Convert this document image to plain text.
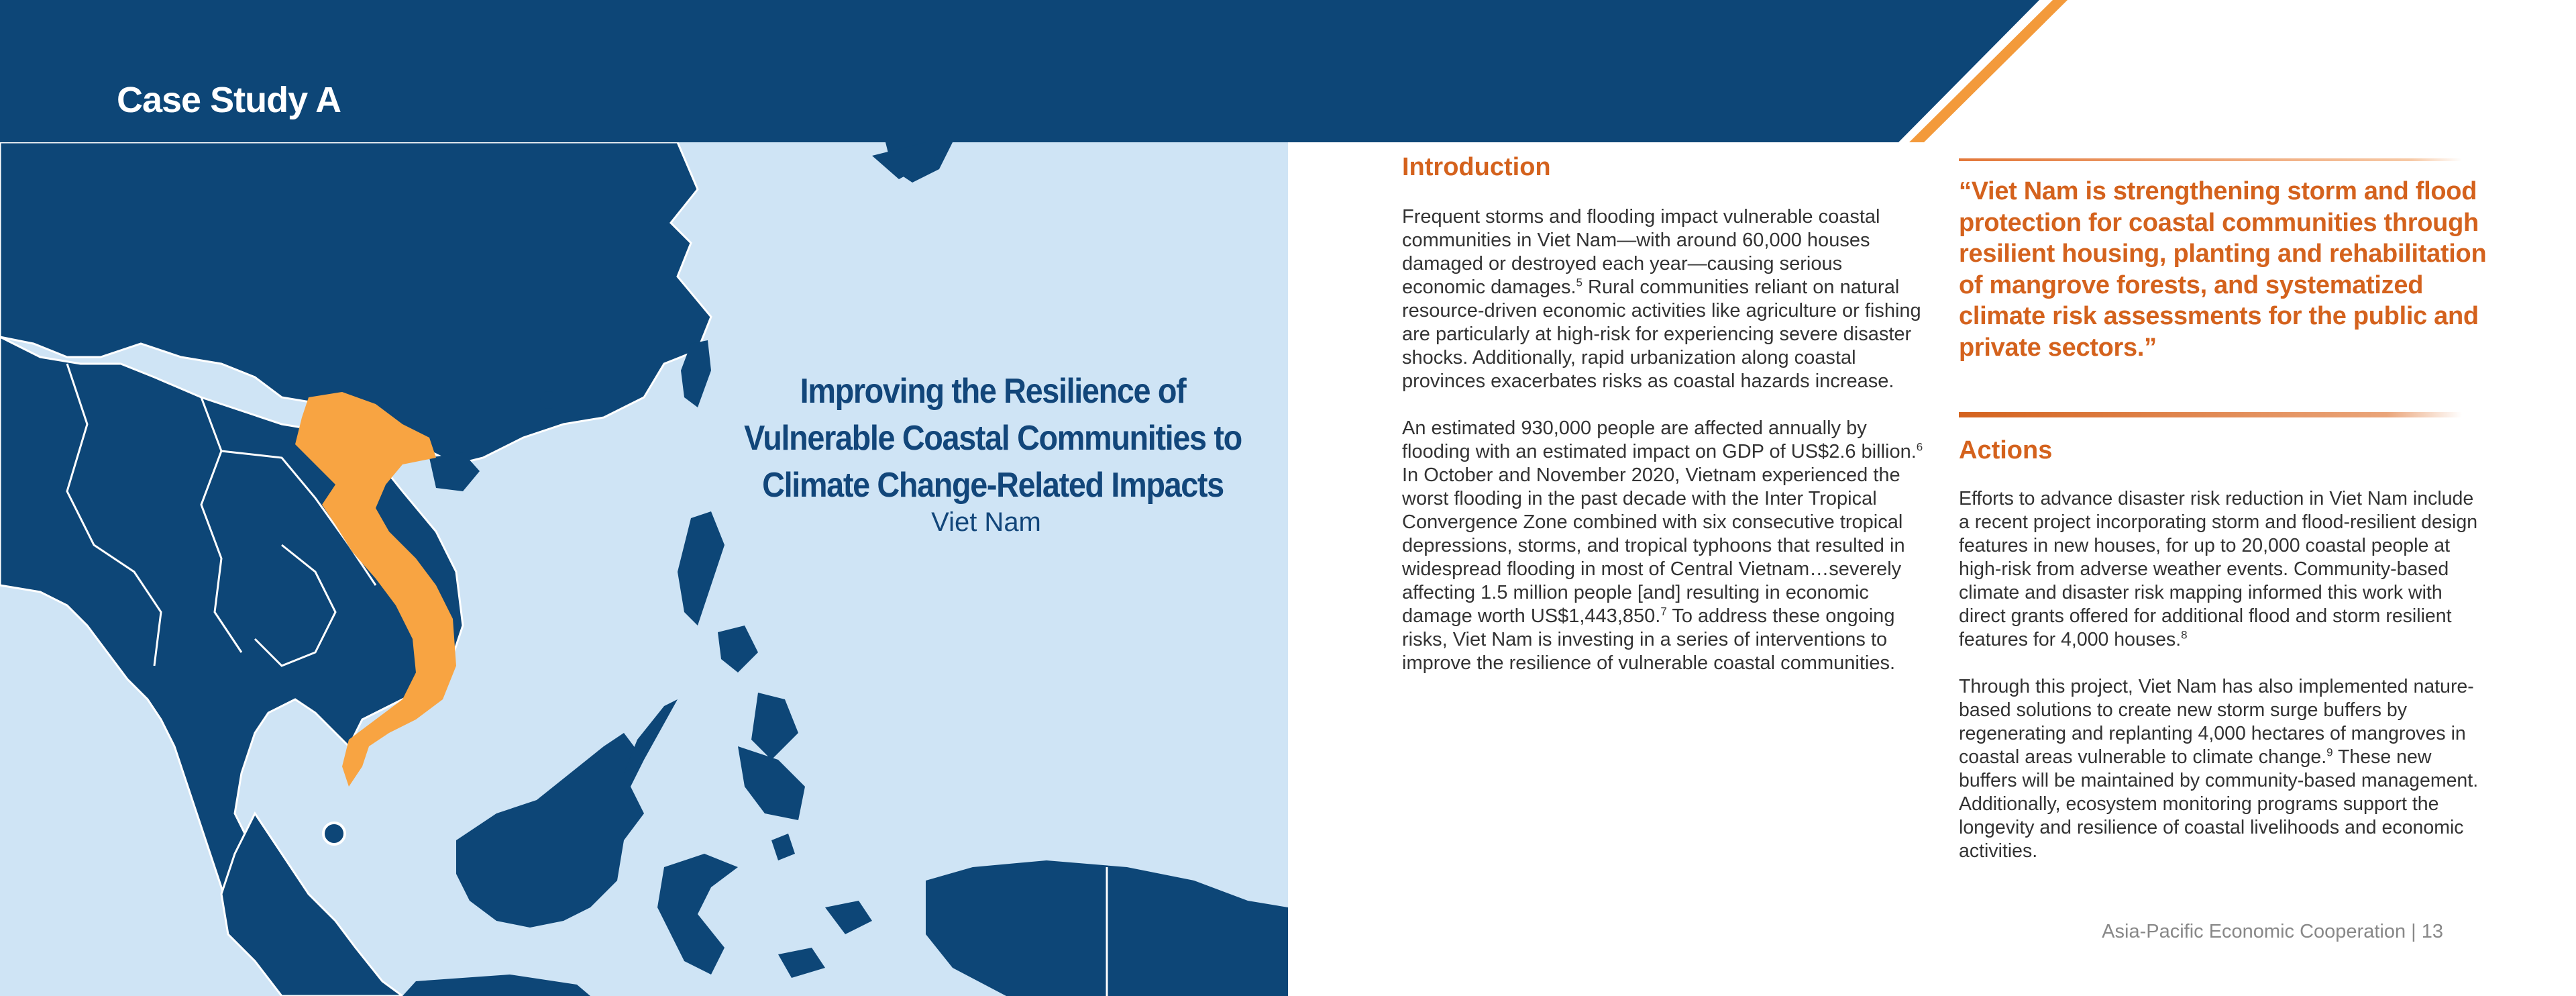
Case Study A
Improving the Resilience of
Vulnerable Coastal Communities to
Climate Change-Related Impacts
Viet Nam
Introduction

Frequent storms and flooding impact vulnerable coastal communities in Viet Nam—with around 60,000 houses damaged or destroyed each year—causing serious economic damages.$^5$ Rural communities reliant on natural resource-driven economic activities like agriculture or fishing are particularly at high-risk for experiencing severe disaster shocks. Additionally, rapid urbanization along coastal provinces exacerbates risks as coastal hazards increase.

An estimated 930,000 people are affected annually by flooding with an estimated impact on GDP of US$2.6 billion.$^6$ In October and November 2020, Vietnam experienced the worst flooding in the past decade with the Inter Tropical Convergence Zone combined with six consecutive tropical depressions, storms, and tropical typhoons that resulted in widespread flooding in most of Central Vietnam…severely affecting 1.5 million people [and] resulting in economic damage worth US$1,443,850.$^7$ To address these ongoing risks, Viet Nam is investing in a series of interventions to improve the resilience of vulnerable coastal communities.

“Viet Nam is strengthening storm and flood protection for coastal communities through resilient housing, planting and rehabilitation of mangrove forests, and systematized climate risk assessments for the public and private sectors.”
Actions

Efforts to advance disaster risk reduction in Viet Nam include a recent project incorporating storm and flood-resilient design features in new houses, for up to 20,000 coastal people at high-risk from adverse weather events. Community-based climate and disaster risk mapping informed this work with direct grants offered for additional flood and storm resilient features for 4,000 houses.$^8$

Through this project, Viet Nam has also implemented nature-based solutions to create new storm surge buffers by regenerating and replanting 4,000 hectares of mangroves in coastal areas vulnerable to climate change.$^9$ These new buffers will be maintained by community-based management. Additionally, ecosystem monitoring programs support the longevity and resilience of coastal livelihoods and economic activities.

Asia-Pacific Economic Cooperation | 13
